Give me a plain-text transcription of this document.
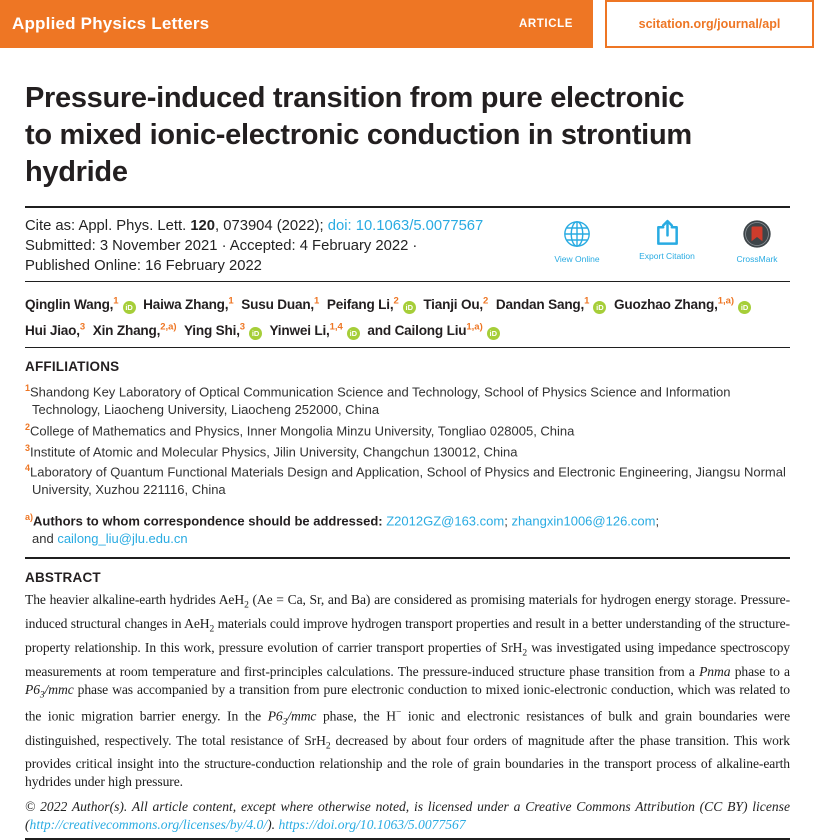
Applied Physics Letters	ARTICLE	scitation.org/journal/apl
Pressure-induced transition from pure electronic
to mixed ionic-electronic conduction in strontium
hydride
Cite as: Appl. Phys. Lett. 120, 073904 (2022); doi: 10.1063/5.0077567
Submitted: 3 November 2021 · Accepted: 4 February 2022 ·
Published Online: 16 February 2022	View Online	Export Citation	CrossMark
Qinglin Wang,$^1$iD Haiwa Zhang,$^1$ Susu Duan,$^1$ Peifang Li,$^2$iD Tianji Ou,$^2$ Dandan Sang,$^1$iD Guozhao Zhang,$^{1,a)}$iD
Hui Jiao,$^3$ Xin Zhang,$^{2,a)}$ Ying Shi,$^3$iD Yinwei Li,$^{1,4}$iD and Cailong Liu$^{1,a)}$iD
AFFILIATIONS
$^1$Shandong Key Laboratory of Optical Communication Science and Technology, School of Physics Science and Information Technology, Liaocheng University, Liaocheng 252000, China
$^2$College of Mathematics and Physics, Inner Mongolia Minzu University, Tongliao 028005, China
$^3$Institute of Atomic and Molecular Physics, Jilin University, Changchun 130012, China
$^4$Laboratory of Quantum Functional Materials Design and Application, School of Physics and Electronic Engineering, Jiangsu Normal University, Xuzhou 221116, China

$^{a)}$Authors to whom correspondence should be addressed: Z2012GZ@163.com; zhangxin1006@126.com;
and cailong_liu@jlu.edu.cn

ABSTRACT

The heavier alkaline-earth hydrides AeH$_2$ (Ae = Ca, Sr, and Ba) are considered as promising materials for hydrogen energy storage. Pressure-induced structural changes in AeH$_2$ materials could improve hydrogen transport properties and result in a better understanding of the structure-property relationship. In this work, pressure evolution of carrier transport properties of SrH$_2$ was investigated using impedance spectroscopy measurements at room temperature and first-principles calculations. The pressure-induced structure phase transition from a Pnma phase to a $P6_3$/mmc phase was accompanied by a transition from pure electronic conduction to mixed ionic-electronic conduction, which was related to the ionic migration barrier energy. In the $P6_3$/mmc phase, the H− ionic and electronic resistances of bulk and grain boundaries were distinguished, respectively. The total resistance of SrH$_2$ decreased by about four orders of magnitude after the phase transition. This work provides critical insight into the structure-conduction relationship and the role of grain boundaries in the transport process of alkaline-earth hydrides under high pressure.

© 2022 Author(s). All article content, except where otherwise noted, is licensed under a Creative Commons Attribution (CC BY) license (http://creativecommons.org/licenses/by/4.0/). https://doi.org/10.1063/5.0077567
